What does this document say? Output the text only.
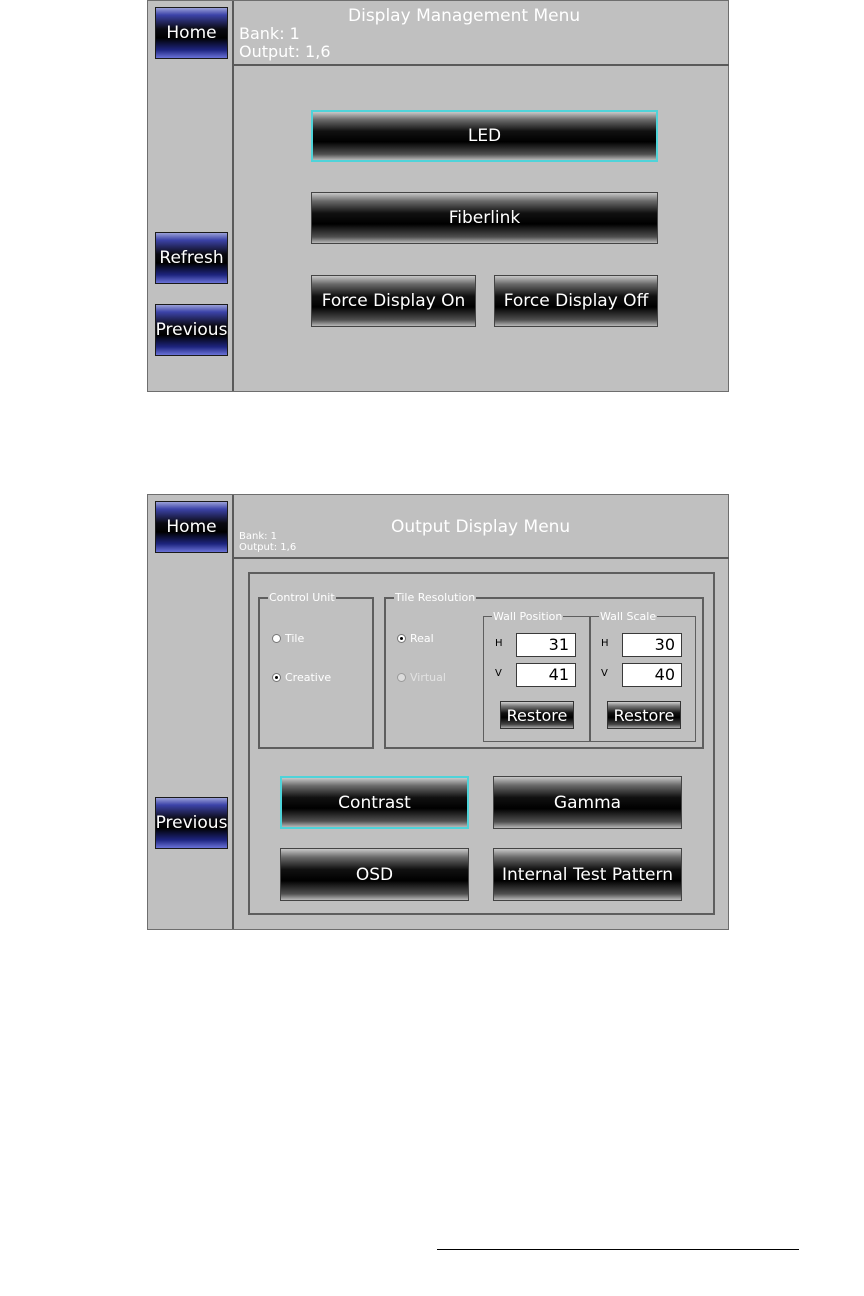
Home
Refresh
Previous
Display Management Menu
Bank: 1
Output: 1,6
LED
Fiberlink
Force Display On	Force Display Off
Home
Previous
Output Display Menu
Bank: 1
Output: 1,6
Control Unit
Tile
Creative
Tile Resolution
Real
Virtual
Wall Position
H	31
V	41
Restore
Wall Scale
H	30
V	40
Restore
Contrast	Gamma
OSD	Internal Test Pattern
